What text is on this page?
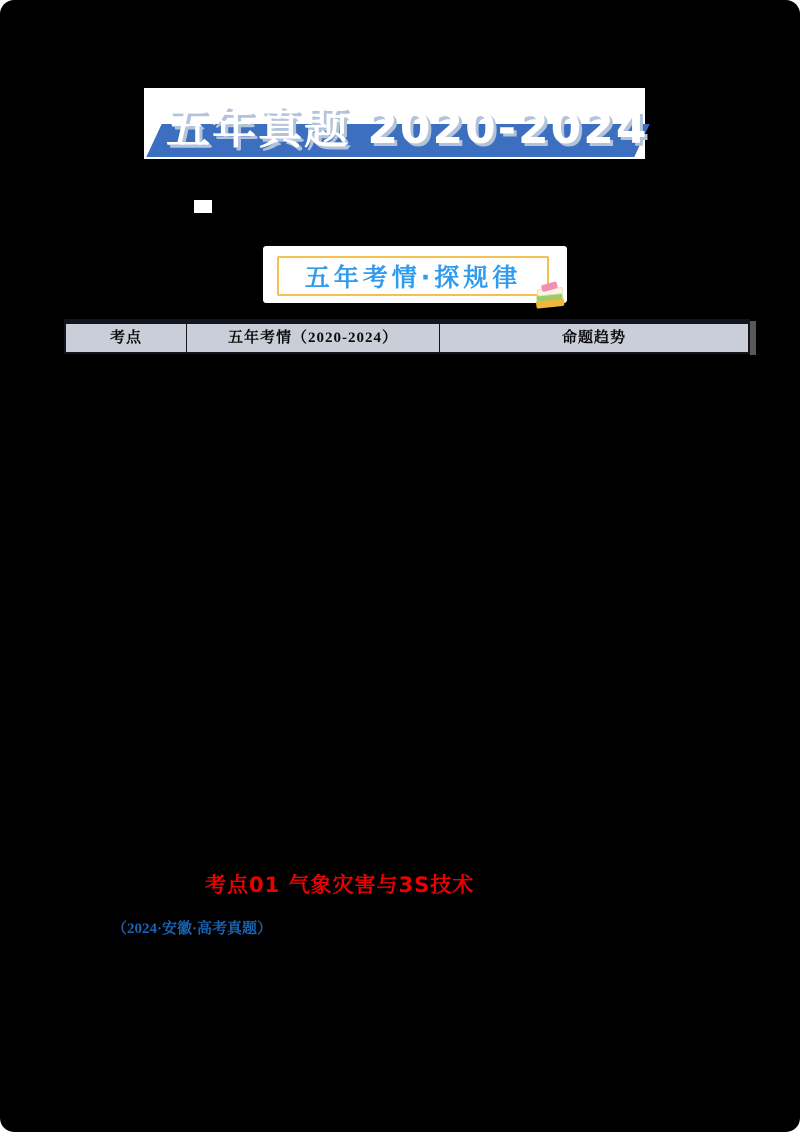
五年真题 2020-2024
五年考情·探规律
考点	五年考情（2020-2024）	命题趋势
考点01 气象灾害与3S技术
（2024·安徽·高考真题）
